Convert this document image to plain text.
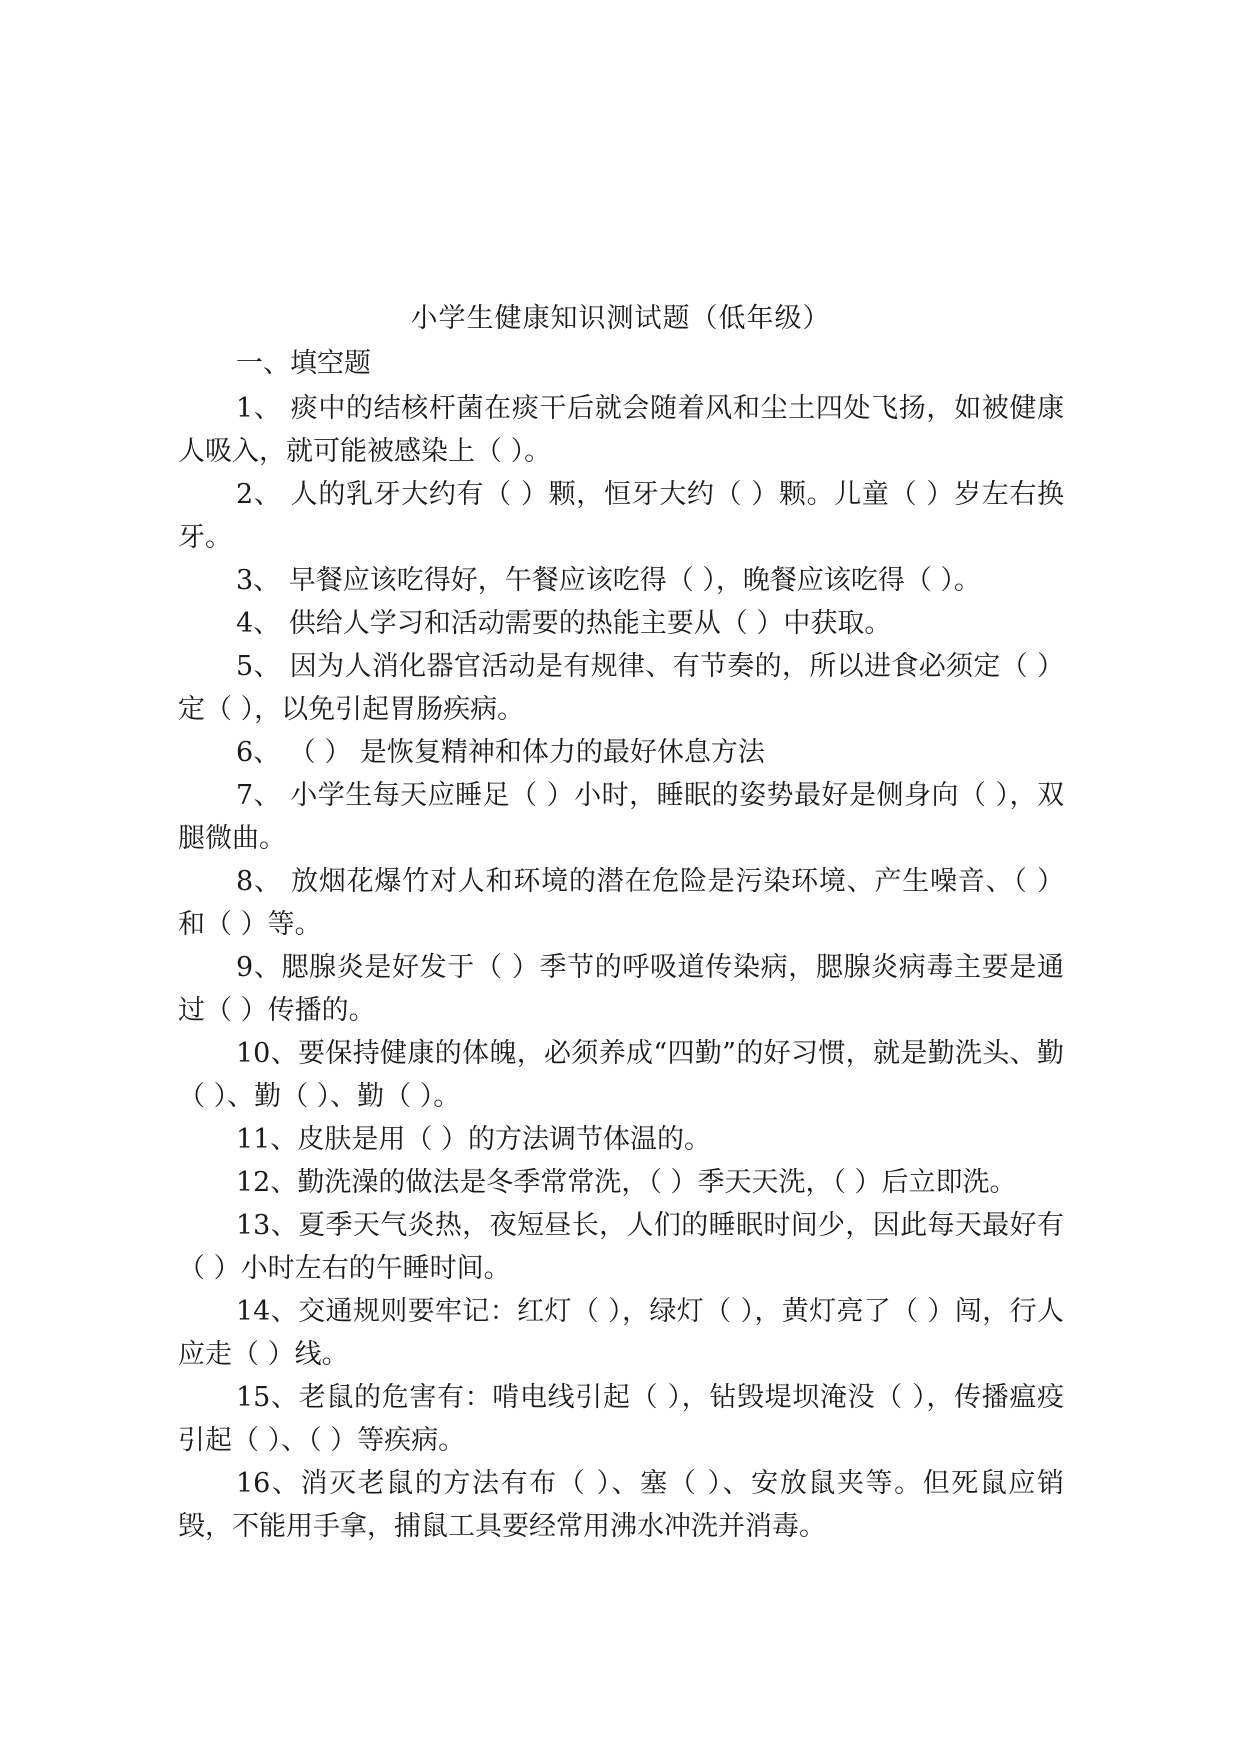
小学生健康知识测试题（低年级）
一、填空题

1、 痰中的结核杆菌在痰干后就会随着风和尘土四处飞扬，如被健康人吸入，就可能被感染上（ ）。

2、 人的乳牙大约有（ ）颗，恒牙大约（ ）颗。儿童（ ）岁左右换牙。

3、 早餐应该吃得好，午餐应该吃得（ ），晚餐应该吃得（ ）。

4、 供给人学习和活动需要的热能主要从（ ）中获取。

5、 因为人消化器官活动是有规律、有节奏的，所以进食必须定（ ）定（ ），以免引起胃肠疾病。

6、 （ ） 是恢复精神和体力的最好休息方法

7、 小学生每天应睡足（ ）小时，睡眠的姿势最好是侧身向（ ），双腿微曲。

8、 放烟花爆竹对人和环境的潜在危险是污染环境、产生噪音、（ ）和（ ）等。

9、腮腺炎是好发于（ ）季节的呼吸道传染病，腮腺炎病毒主要是通过（ ）传播的。

10、要保持健康的体魄，必须养成“四勤”的好习惯，就是勤洗头、勤（ ）、勤（ ）、勤（ ）。

11、皮肤是用（ ）的方法调节体温的。

12、勤洗澡的做法是冬季常常洗，（ ）季天天洗，（ ）后立即洗。

13、夏季天气炎热，夜短昼长，人们的睡眠时间少，因此每天最好有（ ）小时左右的午睡时间。

14、交通规则要牢记：红灯（ ），绿灯（ ），黄灯亮了（ ）闯，行人应走（ ）线。

15、老鼠的危害有：啃电线引起（ ），钻毁堤坝淹没（ ），传播瘟疫引起（ ）、（ ）等疾病。

16、消灭老鼠的方法有布（ ）、塞（ ）、安放鼠夹等。但死鼠应销毁，不能用手拿，捕鼠工具要经常用沸水冲洗并消毒。
